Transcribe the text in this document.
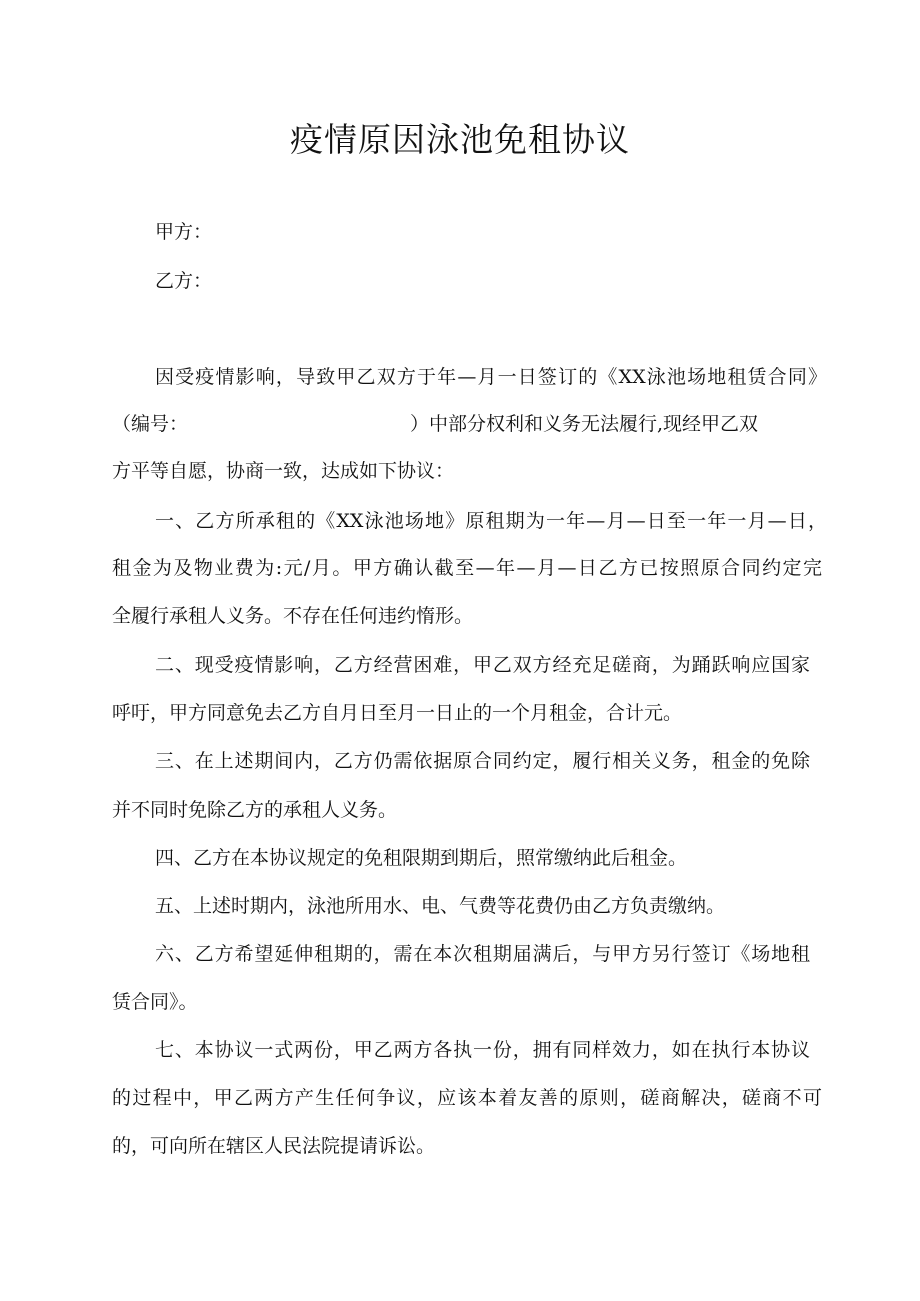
疫情原因泳池免租协议
甲方：
乙方：
因受疫情影响，导致甲乙双方于年—月一日签订的《XX泳池场地租赁合同》
（编号：	）中部分权利和义务无法履行,现经甲乙双
方平等自愿，协商一致，达成如下协议：
一、乙方所承租的《XX泳池场地》原租期为一年—月—日至一年一月—日，
租金为及物业费为:元/月。甲方确认截至—年—月—日乙方已按照原合同约定完
全履行承租人义务。不存在任何违约惰形。
二、现受疫情影响，乙方经营困难，甲乙双方经充足磋商，为踊跃响应国家
呼吁，甲方同意免去乙方自月日至月一日止的一个月租金，合计元。
三、在上述期间内，乙方仍需依据原合同约定，履行相关义务，租金的免除
并不同时免除乙方的承租人义务。
四、乙方在本协议规定的免租限期到期后，照常缴纳此后租金。
五、上述时期内，泳池所用水、电、气费等花费仍由乙方负责缴纳。
六、乙方希望延伸租期的，需在本次租期届满后，与甲方另行签订《场地租
赁合同》。
七、本协议一式两份，甲乙两方各执一份，拥有同样效力，如在执行本协议
的过程中，甲乙两方产生任何争议，应该本着友善的原则，磋商解决，磋商不可
的，可向所在辖区人民法院提请诉讼。
